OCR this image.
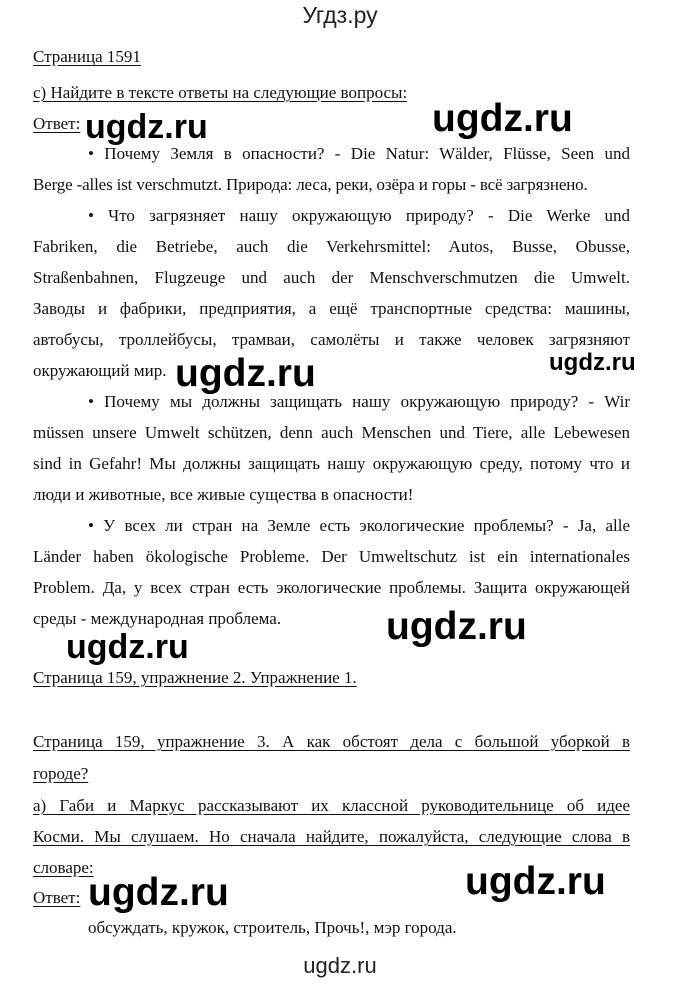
Угдз.ру
Страница 1591
c) Найдите в тексте ответы на следующие вопросы:
Ответ:
• Почему Земля в опасности? - Die Natur: Wälder, Flüsse, Seen und
Berge -alles ist verschmutzt. Природа: леса, реки, озёра и горы - всё загрязнено.
• Что загрязняет нашу окружающую природу? - Die Werke und
Fabriken, die Betriebe, auch die Verkehrsmittel: Autos, Busse, Obusse,
Straßenbahnen, Flugzeuge und auch der Menschverschmutzen die Umwelt.
Заводы и фабрики, предприятия, а ещё транспортные средства: машины,
автобусы, троллейбусы, трамваи, самолёты и также человек загрязняют
окружающий мир.
• Почему мы должны защищать нашу окружающую природу? - Wir
müssen unsere Umwelt schützen, denn auch Menschen und Tiere, alle Lebewesen
sind in Gefahr! Мы должны защищать нашу окружающую среду, потому что и
люди и животные, все живые существа в опасности!
• У всех ли стран на Земле есть экологические проблемы? - Ja, alle
Länder haben ökologische Probleme. Der Umweltschutz ist ein internationales
Problem. Да, у всех стран есть экологические проблемы. Защита окружающей
среды - международная проблема.
Страница 159, упражнение 2. Упражнение 1.
Страница 159, упражнение 3. А как обстоят дела с большой уборкой в
городе?
а) Габи и Маркус рассказывают их классной руководительнице об идее
Косми. Мы слушаем. Но сначала найдите, пожалуйста, следующие слова в
словаре:
Ответ:
обсуждать, кружок, строитель, Прочь!, мэр города.
ugdz.ru	ugdz.ru
ugdz.ru	ugdz.ru
ugdz.ru
ugdz.ru
ugdz.ru	ugdz.ru
ugdz.ru
